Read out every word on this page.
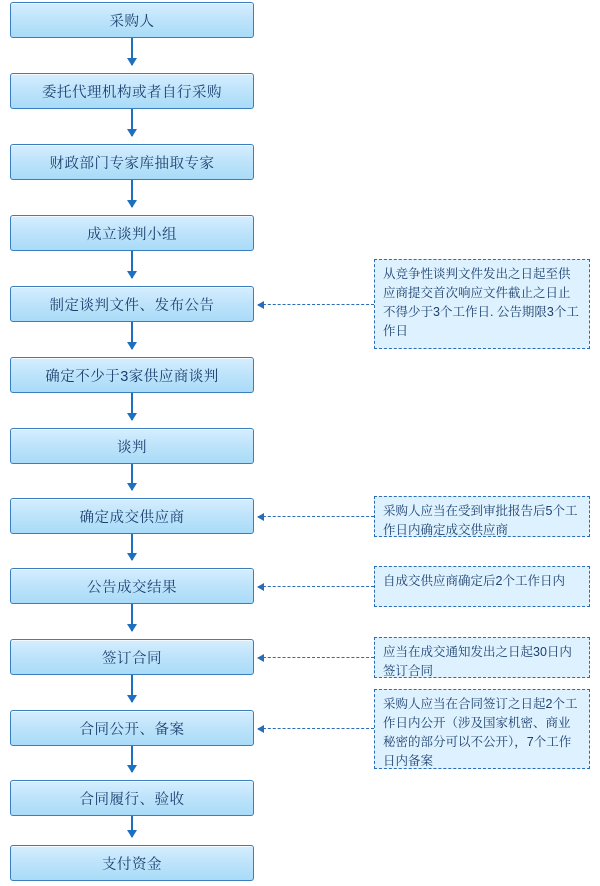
采购人
委托代理机构或者自行采购
财政部门专家库抽取专家
成立谈判小组
制定谈判文件、发布公告
确定不少于3家供应商谈判
谈判
确定成交供应商
公告成交结果
签订合同
合同公开、备案
合同履行、验收
支付资金
从竞争性谈判文件发出之日起至供应商提交首次响应文件截止之日止不得少于3个工作日. 公告期限3个工作日
采购人应当在受到审批报告后5个工作日内确定成交供应商
自成交供应商确定后2个工作日内
应当在成交通知发出之日起30日内签订合同
采购人应当在合同签订之日起2个工作日内公开（涉及国家机密、商业秘密的部分可以不公开），7个工作日内备案
